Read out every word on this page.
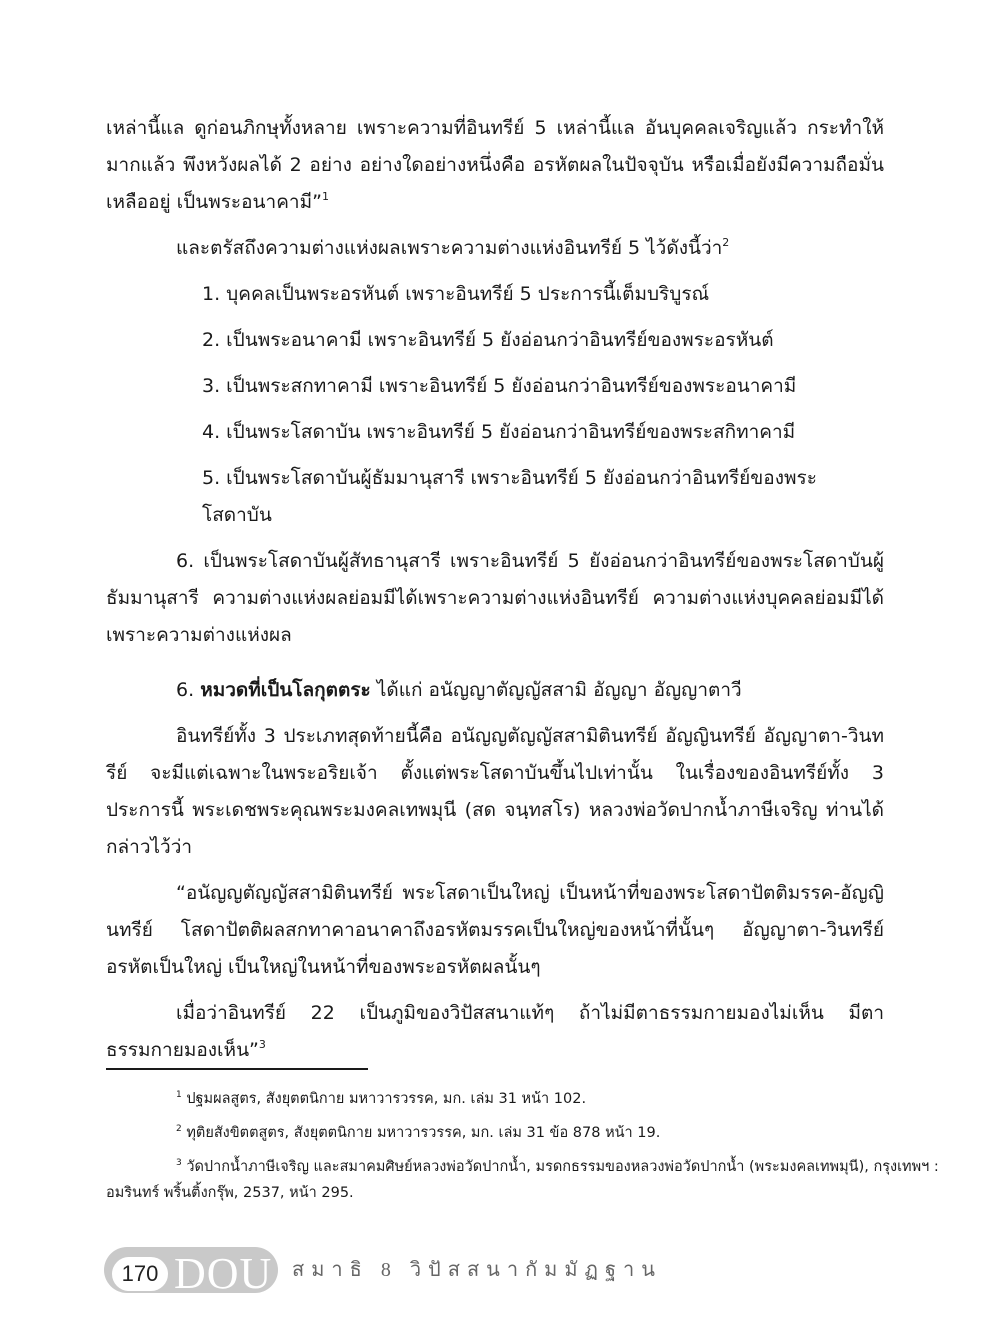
เหล่านี้แล ดูก่อนภิกษุทั้งหลาย เพราะความที่อินทรีย์ 5 เหล่านี้แล อันบุคคลเจริญแล้ว กระทำให้มากแล้ว พึงหวังผลได้ 2 อย่าง อย่างใดอย่างหนึ่งคือ อรหัตผลในปัจจุบัน หรือเมื่อยังมีความถือมั่นเหลืออยู่ เป็นพระอนาคามี”$^1$

และตรัสถึงความต่างแห่งผลเพราะความต่างแห่งอินทรีย์ 5 ไว้ดังนี้ว่า$^2$

1. บุคคลเป็นพระอรหันต์ เพราะอินทรีย์ 5 ประการนี้เต็มบริบูรณ์

2. เป็นพระอนาคามี เพราะอินทรีย์ 5 ยังอ่อนกว่าอินทรีย์ของพระอรหันต์

3. เป็นพระสกทาคามี เพราะอินทรีย์ 5 ยังอ่อนกว่าอินทรีย์ของพระอนาคามี

4. เป็นพระโสดาบัน เพราะอินทรีย์ 5 ยังอ่อนกว่าอินทรีย์ของพระสกิทาคามี

5. เป็นพระโสดาบันผู้ธัมมานุสารี เพราะอินทรีย์ 5 ยังอ่อนกว่าอินทรีย์ของพระโสดาบัน

6. เป็นพระโสดาบันผู้สัทธานุสารี เพราะอินทรีย์ 5 ยังอ่อนกว่าอินทรีย์ของพระโสดาบันผู้ธัมมานุสารี ความต่างแห่งผลย่อมมีได้เพราะความต่างแห่งอินทรีย์ ความต่างแห่งบุคคลย่อมมีได้ เพราะความต่างแห่งผล

6. หมวดที่เป็นโลกุตตระ ได้แก่ อนัญญาตัญญัสสามิ อัญญา อัญญาตาวี

อินทรีย์ทั้ง 3 ประเภทสุดท้ายนี้คือ อนัญญตัญญัสสามิตินทรีย์ อัญญินทรีย์ อัญญาตา-วินทรีย์ จะมีแต่เฉพาะในพระอริยเจ้า ตั้งแต่พระโสดาบันขึ้นไปเท่านั้น ในเรื่องของอินทรีย์ทั้ง 3 ประการนี้ พระเดชพระคุณพระมงคลเทพมุนี (สด จนฺทสโร) หลวงพ่อวัดปากน้ำภาษีเจริญ ท่านได้กล่าวไว้ว่า

“อนัญญตัญญัสสามิตินทรีย์ พระโสดาเป็นใหญ่ เป็นหน้าที่ของพระโสดาปัตติมรรค-อัญญินทรีย์ โสดาปัตติผลสกทาคาอนาคาถึงอรหัตมรรคเป็นใหญ่ของหน้าที่นั้นๆ อัญญาตา-วินทรีย์อรหัตเป็นใหญ่ เป็นใหญ่ในหน้าที่ของพระอรหัตผลนั้นๆ

เมื่อว่าอินทรีย์ 22 เป็นภูมิของวิปัสสนาแท้ๆ ถ้าไม่มีตาธรรมกายมองไม่เห็น มีตาธรรมกายมองเห็น”$^3$

$^1$ ปฐมผลสูตร, สังยุตตนิกาย มหาวารวรรค, มก. เล่ม 31 หน้า 102.

$^2$ ทุติยสังขิตตสูตร, สังยุตตนิกาย มหาวารวรรค, มก. เล่ม 31 ข้อ 878 หน้า 19.

$^3$ วัดปากน้ำภาษีเจริญ และสมาคมศิษย์หลวงพ่อวัดปากน้ำ, มรดกธรรมของหลวงพ่อวัดปากน้ำ (พระมงคลเทพมุนี), กรุงเทพฯ : อมรินทร์ พริ้นติ้งกรุ๊พ, 2537, หน้า 295.

170 DOU สมาธิ 8 วิปัสสนากัมมัฏฐาน
